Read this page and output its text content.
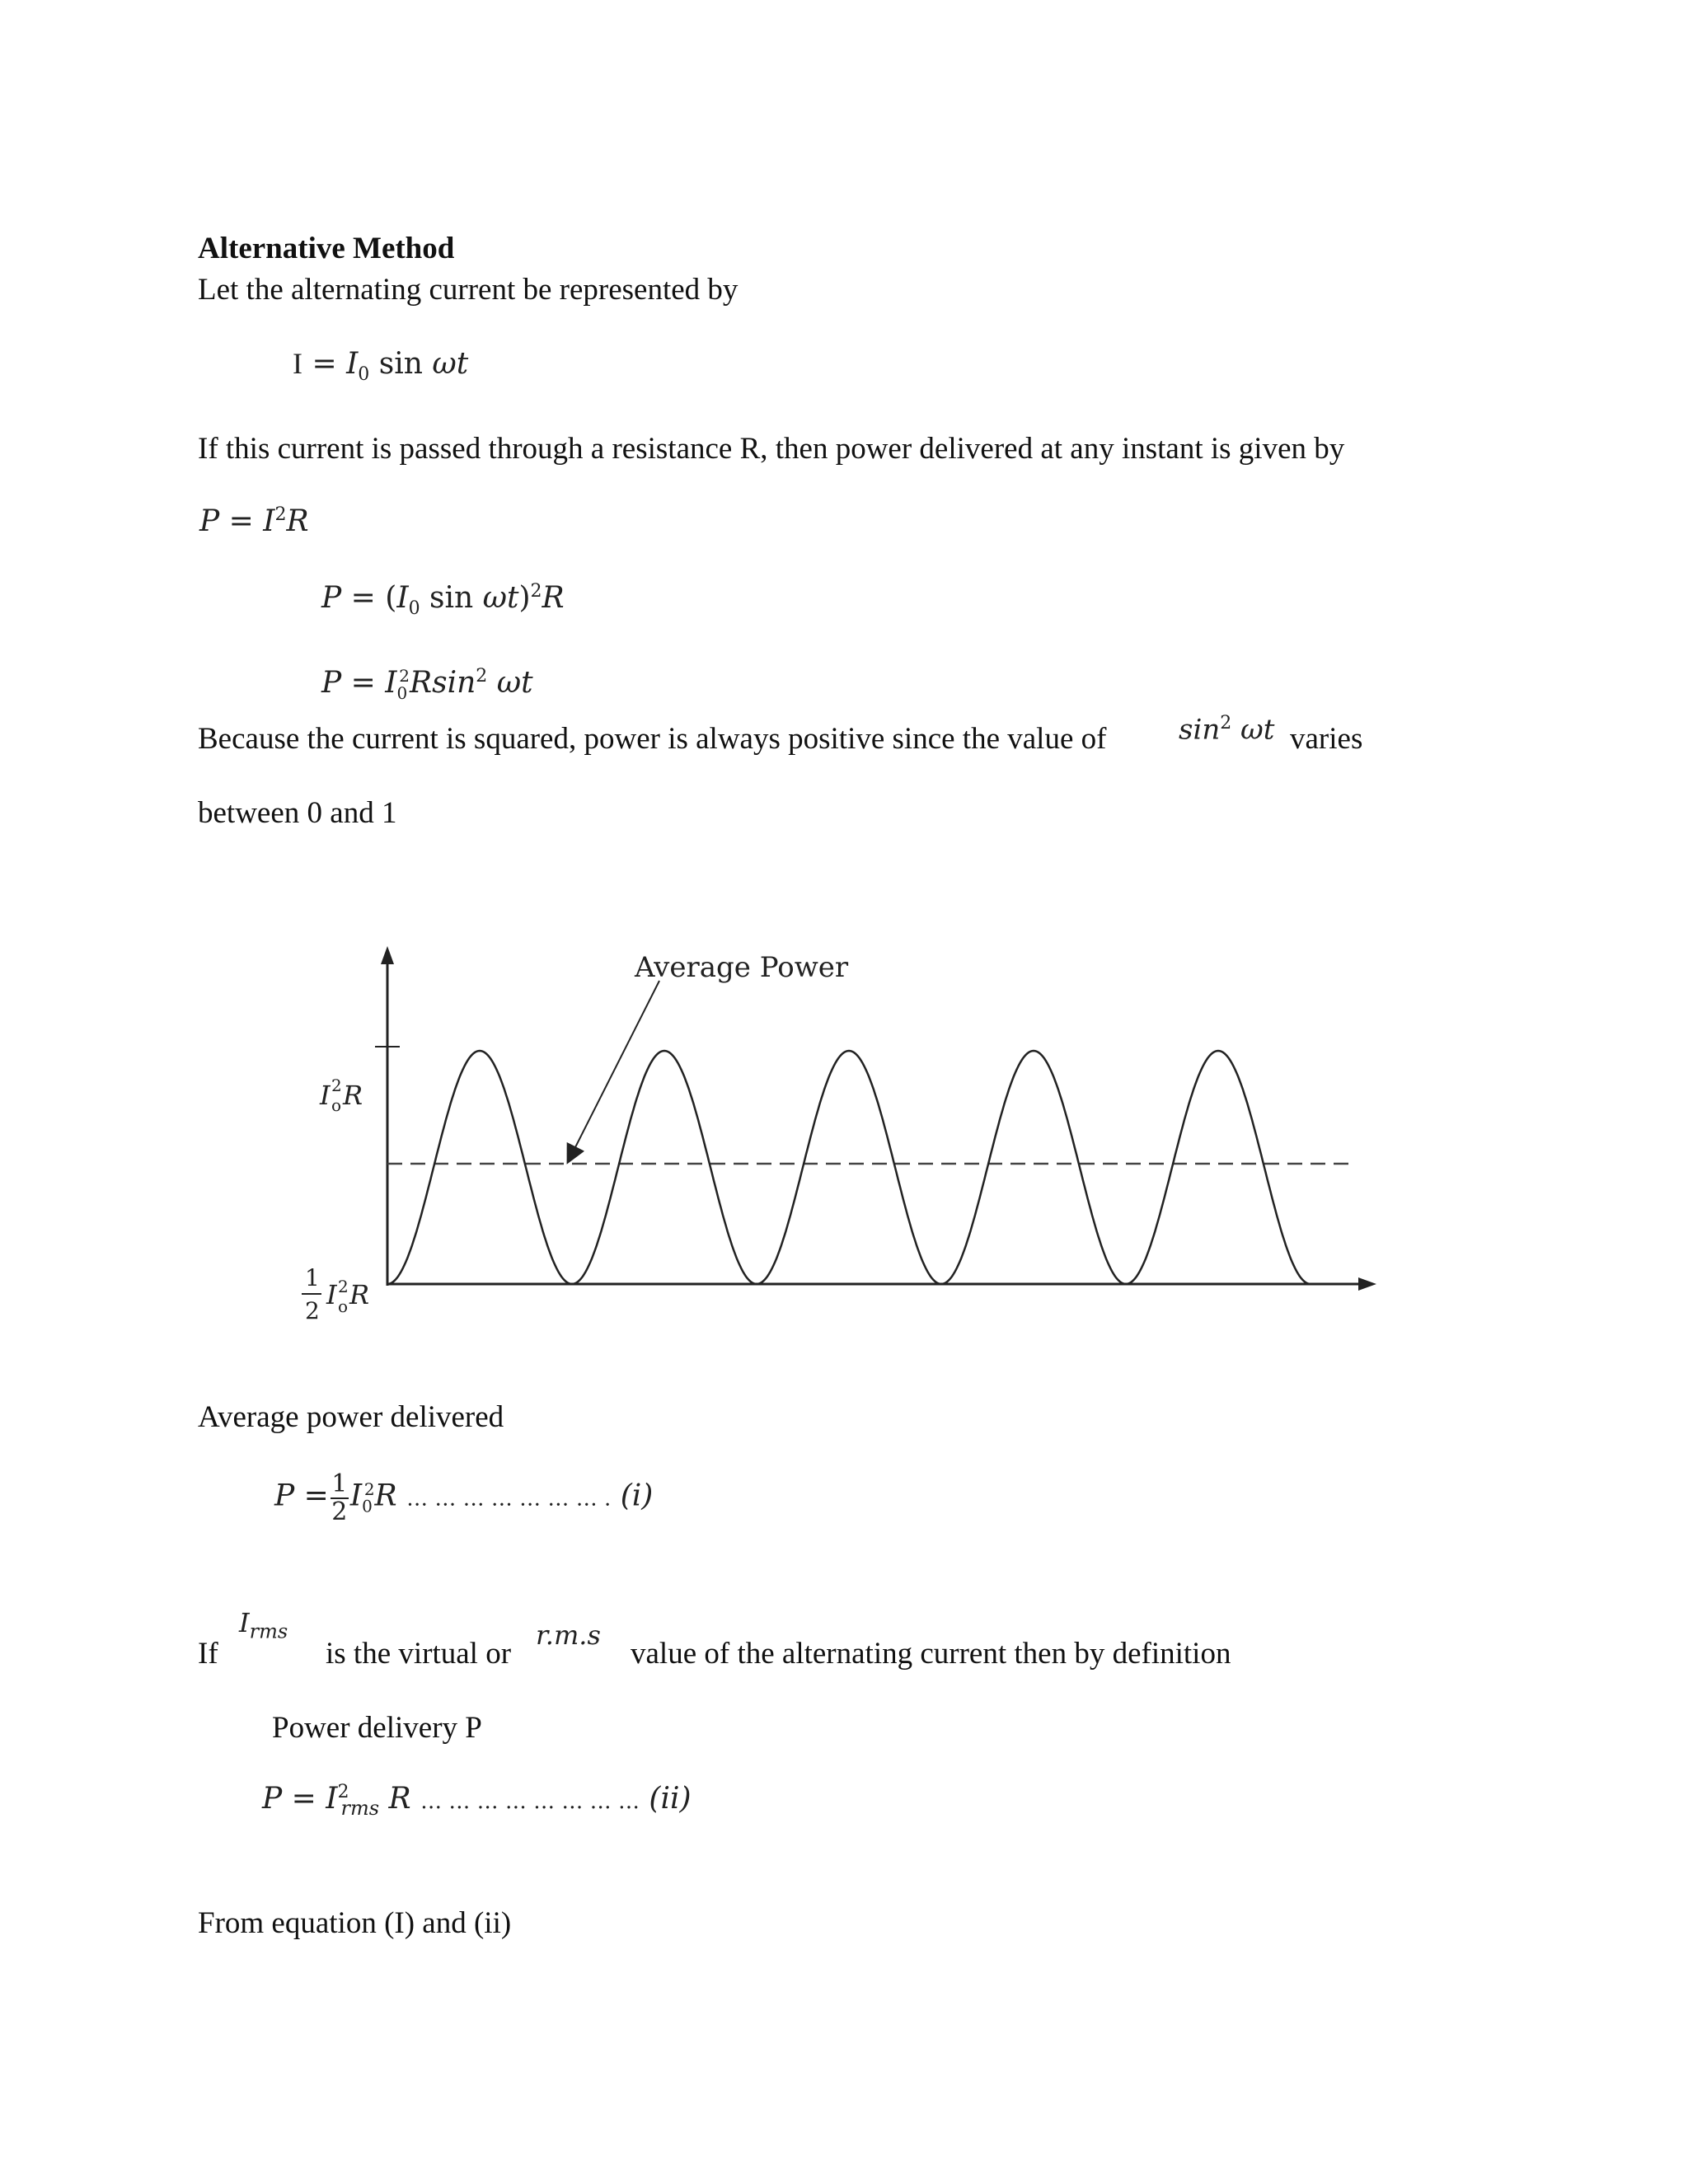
Alternative Method
Let the alternating current be represented by
$I = I_0$ sin ωt
If this current is passed through a resistance R, then power delivered at any instant is given by
$P = I^2R$
$P = (I_0$ sin ωt)$^2$R
$P = I_0^2Rsin^2$ ωt
Because the current is squared, power is always positive since the value of	$\sin^2 \omega t$ varies
between 0 and 1
Average Power
I 2
o R
1
2
I 2
o R
Average power delivered
$P = \frac{1}{2} I_0^2R$ … … … … … … … . (i)
If
$I_{rms}$
is the virtual or
r.m.s
value of the alternating current then by definition
Power delivery P
$P = I^2_{rms}$ R … … … … … … … … (ii)
From equation (I) and (ii)
